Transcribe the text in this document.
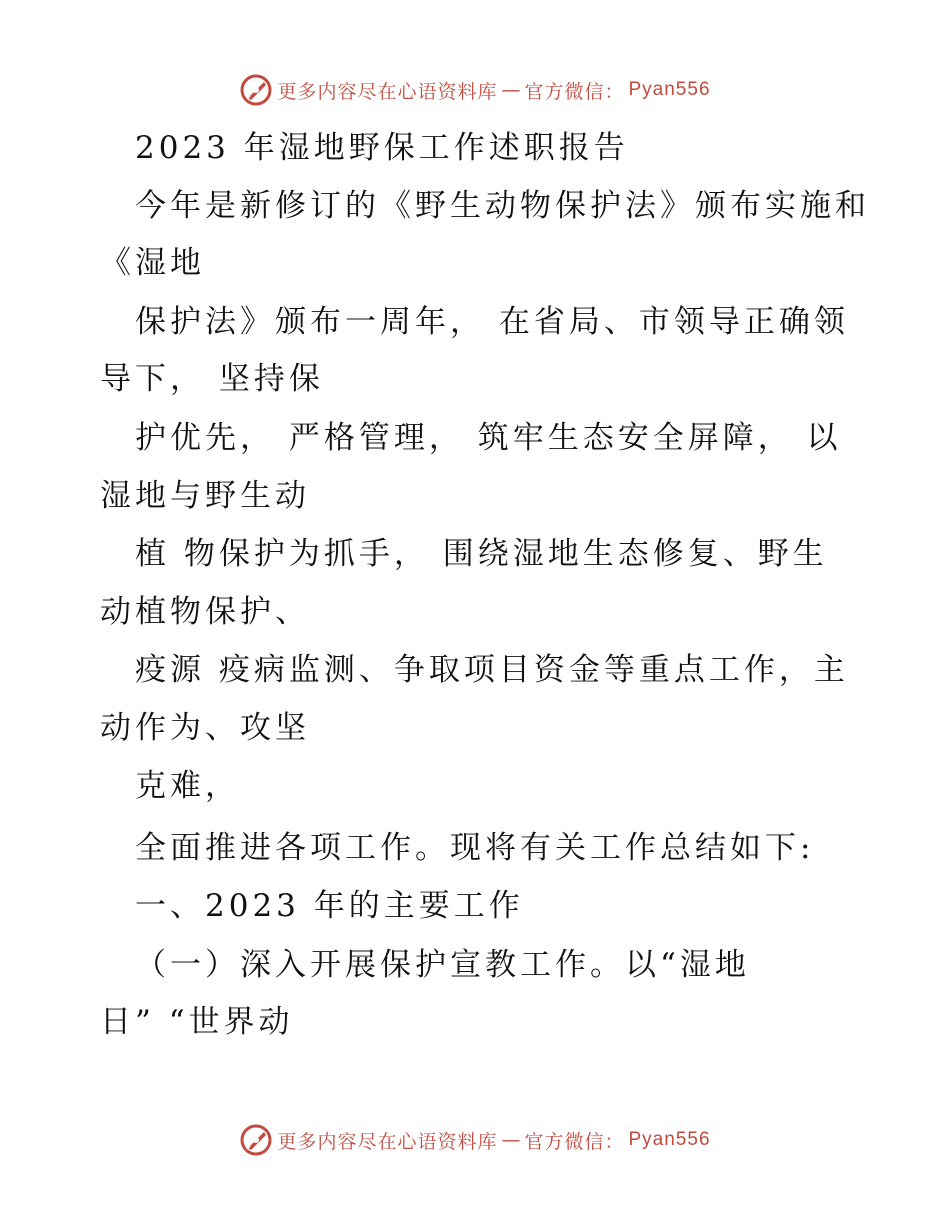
更多内容尽在心语资料库 — 官方微信： Pyan556
2023 年湿地野保工作述职报告
今年是新修订的《野生动物保护法》颁布实施和
《湿地
保护法》颁布一周年， 在省局、市领导正确领
导下， 坚持保
护优先， 严格管理， 筑牢生态安全屏障， 以
湿地与野生动
植 物保护为抓手， 围绕湿地生态修复、野生
动植物保护、
疫源 疫病监测、争取项目资金等重点工作，主
动作为、攻坚
克难，
全面推进各项工作。现将有关工作总结如下:
一、2023 年的主要工作
（一）深入开展保护宣教工作。以“湿地
日” “世界动
更多内容尽在心语资料库 — 官方微信： Pyan556
